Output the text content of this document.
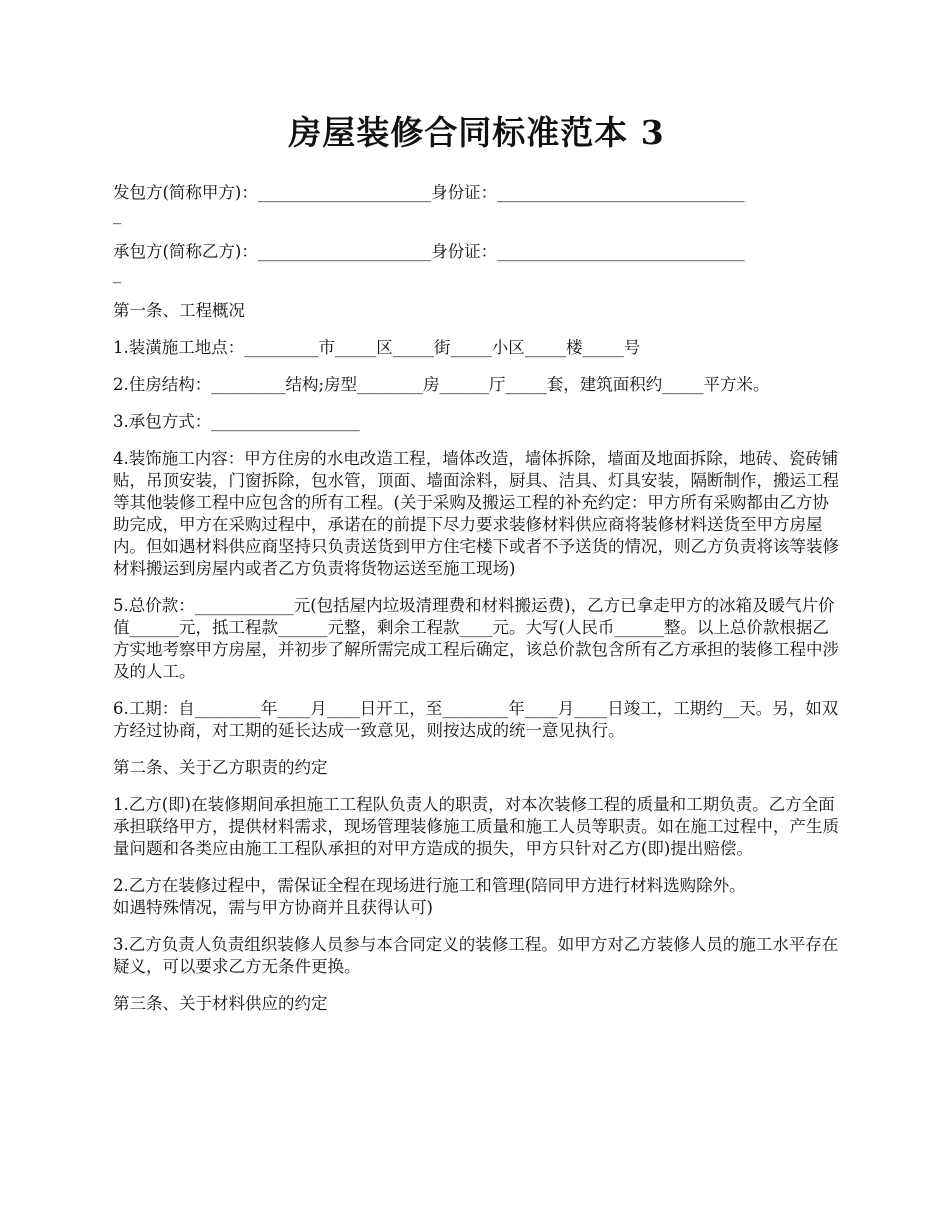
房屋装修合同标准范本 3
发包方(简称甲方)：_____________________身份证：______________________________
_
承包方(简称乙方)：_____________________身份证：______________________________
_
第一条、工程概况
1.装潢施工地点：_________市_____区_____街_____小区_____楼_____号
2.住房结构：_________结构;房型________房______厅_____套，建筑面积约_____平方米。
3.承包方式：__________________
4.装饰施工内容：甲方住房的水电改造工程，墙体改造，墙体拆除，墙面及地面拆除，地砖、瓷砖铺贴，吊顶安装，门窗拆除，包水管，顶面、墙面涂料，厨具、洁具、灯具安装，隔断制作，搬运工程等其他装修工程中应包含的所有工程。(关于采购及搬运工程的补充约定：甲方所有采购都由乙方协助完成，甲方在采购过程中，承诺在的前提下尽力要求装修材料供应商将装修材料送货至甲方房屋内。但如遇材料供应商坚持只负责送货到甲方住宅楼下或者不予送货的情况，则乙方负责将该等装修材料搬运到房屋内或者乙方负责将货物运送至施工现场)
5.总价款：____________元(包括屋内垃圾清理费和材料搬运费)，乙方已拿走甲方的冰箱及暖气片价值______元，抵工程款______元整，剩余工程款____元。大写(人民币______整。以上总价款根据乙方实地考察甲方房屋，并初步了解所需完成工程后确定，该总价款包含所有乙方承担的装修工程中涉及的人工。
6.工期：自________年____月____日开工，至________年____月____日竣工，工期约__天。另，如双方经过协商，对工期的延长达成一致意见，则按达成的统一意见执行。
第二条、关于乙方职责的约定
1.乙方(即)在装修期间承担施工工程队负责人的职责，对本次装修工程的质量和工期负责。乙方全面承担联络甲方，提供材料需求，现场管理装修施工质量和施工人员等职责。如在施工过程中，产生质量问题和各类应由施工工程队承担的对甲方造成的损失，甲方只针对乙方(即)提出赔偿。
2.乙方在装修过程中，需保证全程在现场进行施工和管理(陪同甲方进行材料选购除外。
如遇特殊情况，需与甲方协商并且获得认可)
3.乙方负责人负责组织装修人员参与本合同定义的装修工程。如甲方对乙方装修人员的施工水平存在疑义，可以要求乙方无条件更换。
第三条、关于材料供应的约定
